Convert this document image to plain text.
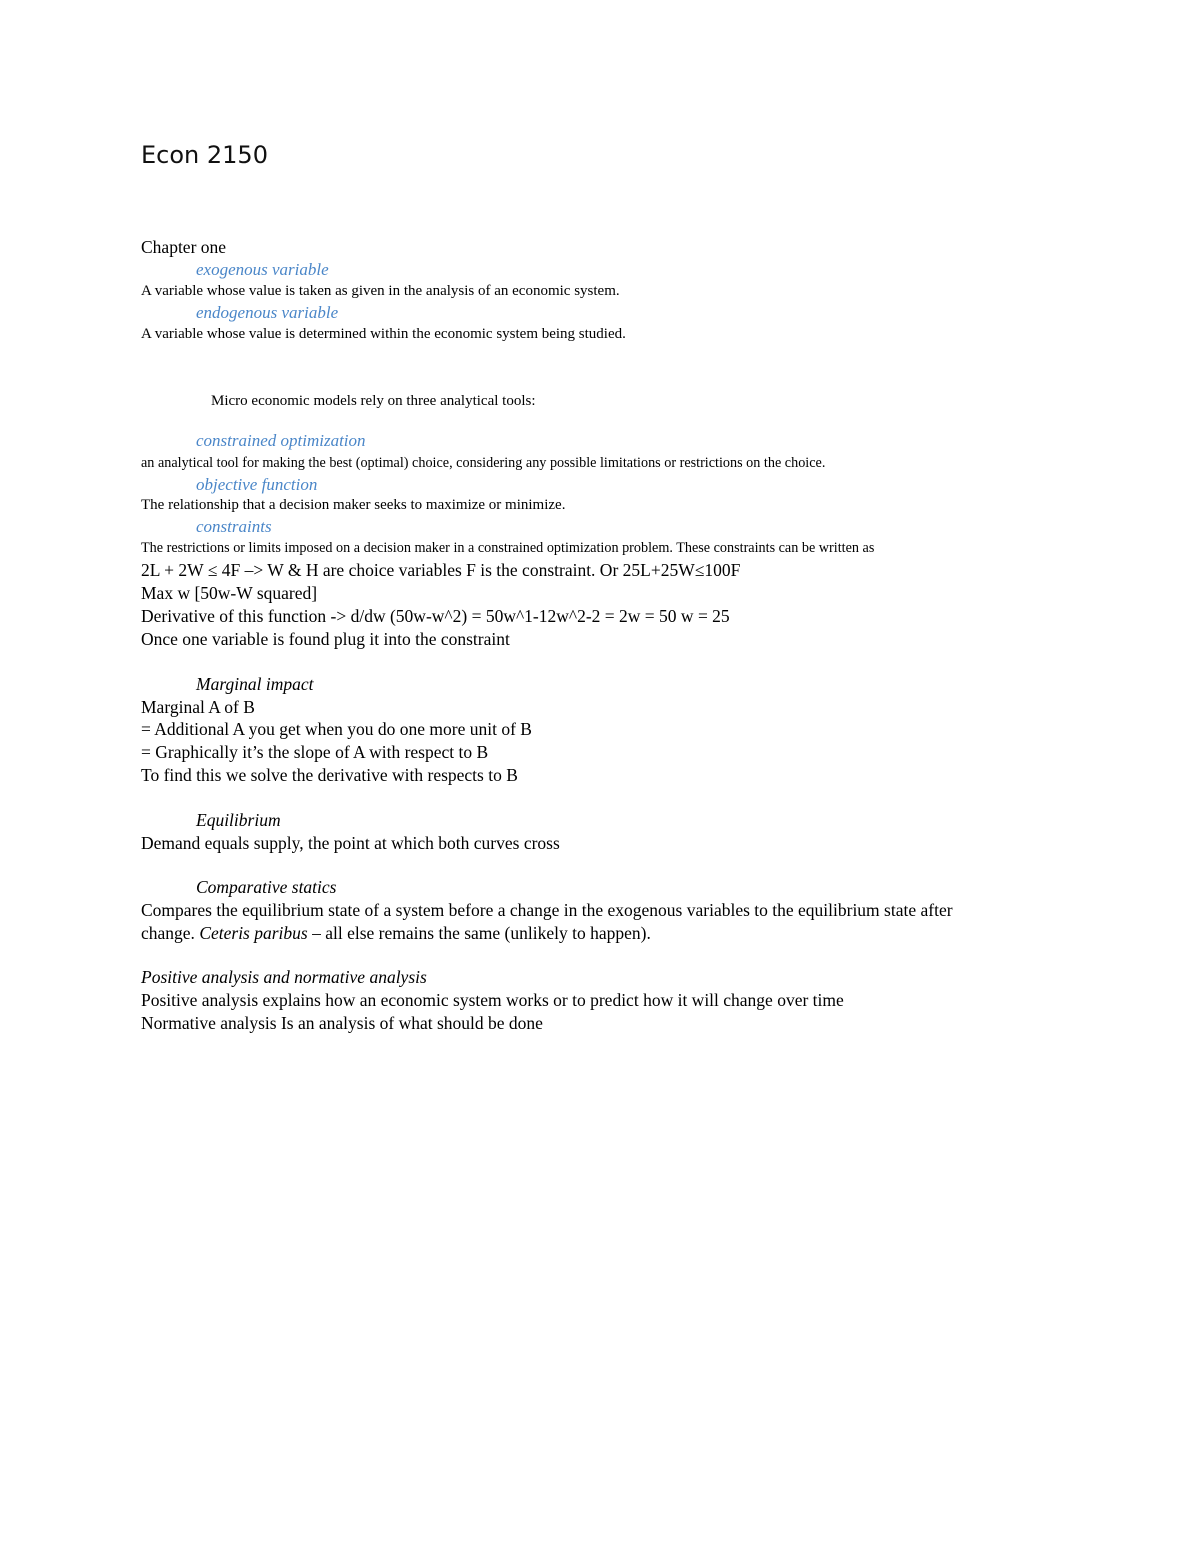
Econ 2150
Chapter one
exogenous variable
A variable whose value is taken as given in the analysis of an economic system.
endogenous variable
A variable whose value is determined within the economic system being studied.
Micro economic models rely on three analytical tools:
constrained optimization
an analytical tool for making the best (optimal) choice, considering any possible limitations or restrictions on the choice.
objective function
The relationship that a decision maker seeks to maximize or minimize.
constraints
The restrictions or limits imposed on a decision maker in a constrained optimization problem. These constraints can be written as
2L + 2W ≤ 4F –> W & H are choice variables F is the constraint. Or 25L+25W≤100F
Max w [50w-W squared]
Derivative of this function -> d/dw (50w-w^2) = 50w^1-12w^2-2 = 2w = 50 w = 25
Once one variable is found plug it into the constraint
Marginal impact
Marginal A of B
= Additional A you get when you do one more unit of B
= Graphically it’s the slope of A with respect to B
To find this we solve the derivative with respects to B
Equilibrium
Demand equals supply, the point at which both curves cross
Comparative statics
Compares the equilibrium state of a system before a change in the exogenous variables to the equilibrium state after
change. Ceteris paribus – all else remains the same (unlikely to happen).
Positive analysis and normative analysis
Positive analysis explains how an economic system works or to predict how it will change over time
Normative analysis Is an analysis of what should be done
